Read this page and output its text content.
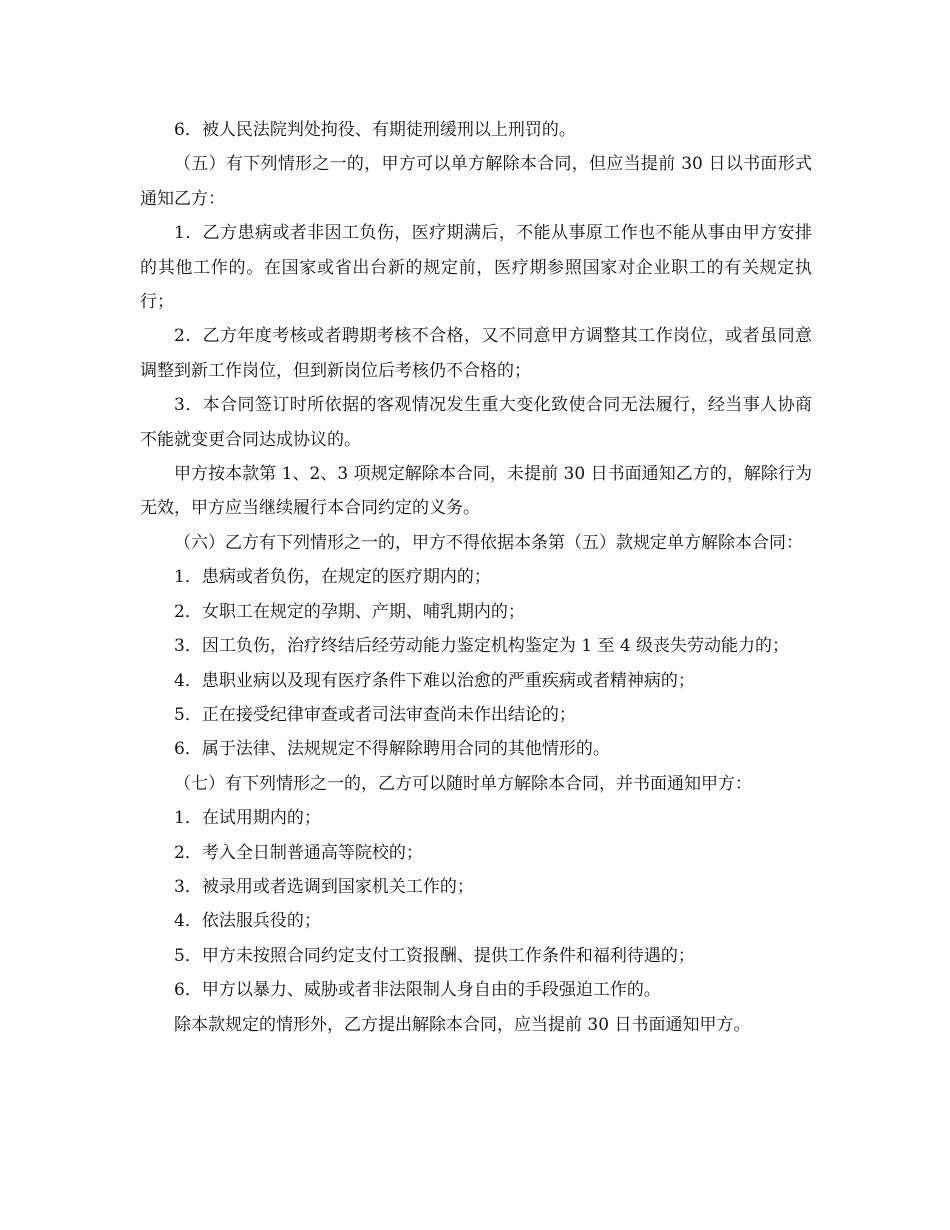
6．被人民法院判处拘役、有期徒刑缓刑以上刑罚的。

（五）有下列情形之一的，甲方可以单方解除本合同，但应当提前 30 日以书面形式通知乙方：

1．乙方患病或者非因工负伤，医疗期满后，不能从事原工作也不能从事由甲方安排的其他工作的。在国家或省出台新的规定前，医疗期参照国家对企业职工的有关规定执行；

2．乙方年度考核或者聘期考核不合格，又不同意甲方调整其工作岗位，或者虽同意调整到新工作岗位，但到新岗位后考核仍不合格的；

3．本合同签订时所依据的客观情况发生重大变化致使合同无法履行，经当事人协商不能就变更合同达成协议的。

甲方按本款第 1、2、3 项规定解除本合同，未提前 30 日书面通知乙方的，解除行为无效，甲方应当继续履行本合同约定的义务。

（六）乙方有下列情形之一的，甲方不得依据本条第（五）款规定单方解除本合同：

1．患病或者负伤，在规定的医疗期内的；

2．女职工在规定的孕期、产期、哺乳期内的；

3．因工负伤，治疗终结后经劳动能力鉴定机构鉴定为 1 至 4 级丧失劳动能力的；

4．患职业病以及现有医疗条件下难以治愈的严重疾病或者精神病的；

5．正在接受纪律审查或者司法审查尚未作出结论的；

6．属于法律、法规规定不得解除聘用合同的其他情形的。

（七）有下列情形之一的，乙方可以随时单方解除本合同，并书面通知甲方：

1．在试用期内的；

2．考入全日制普通高等院校的；

3．被录用或者选调到国家机关工作的；

4．依法服兵役的；

5．甲方未按照合同约定支付工资报酬、提供工作条件和福利待遇的；

6．甲方以暴力、威胁或者非法限制人身自由的手段强迫工作的。

除本款规定的情形外，乙方提出解除本合同，应当提前 30 日书面通知甲方。
